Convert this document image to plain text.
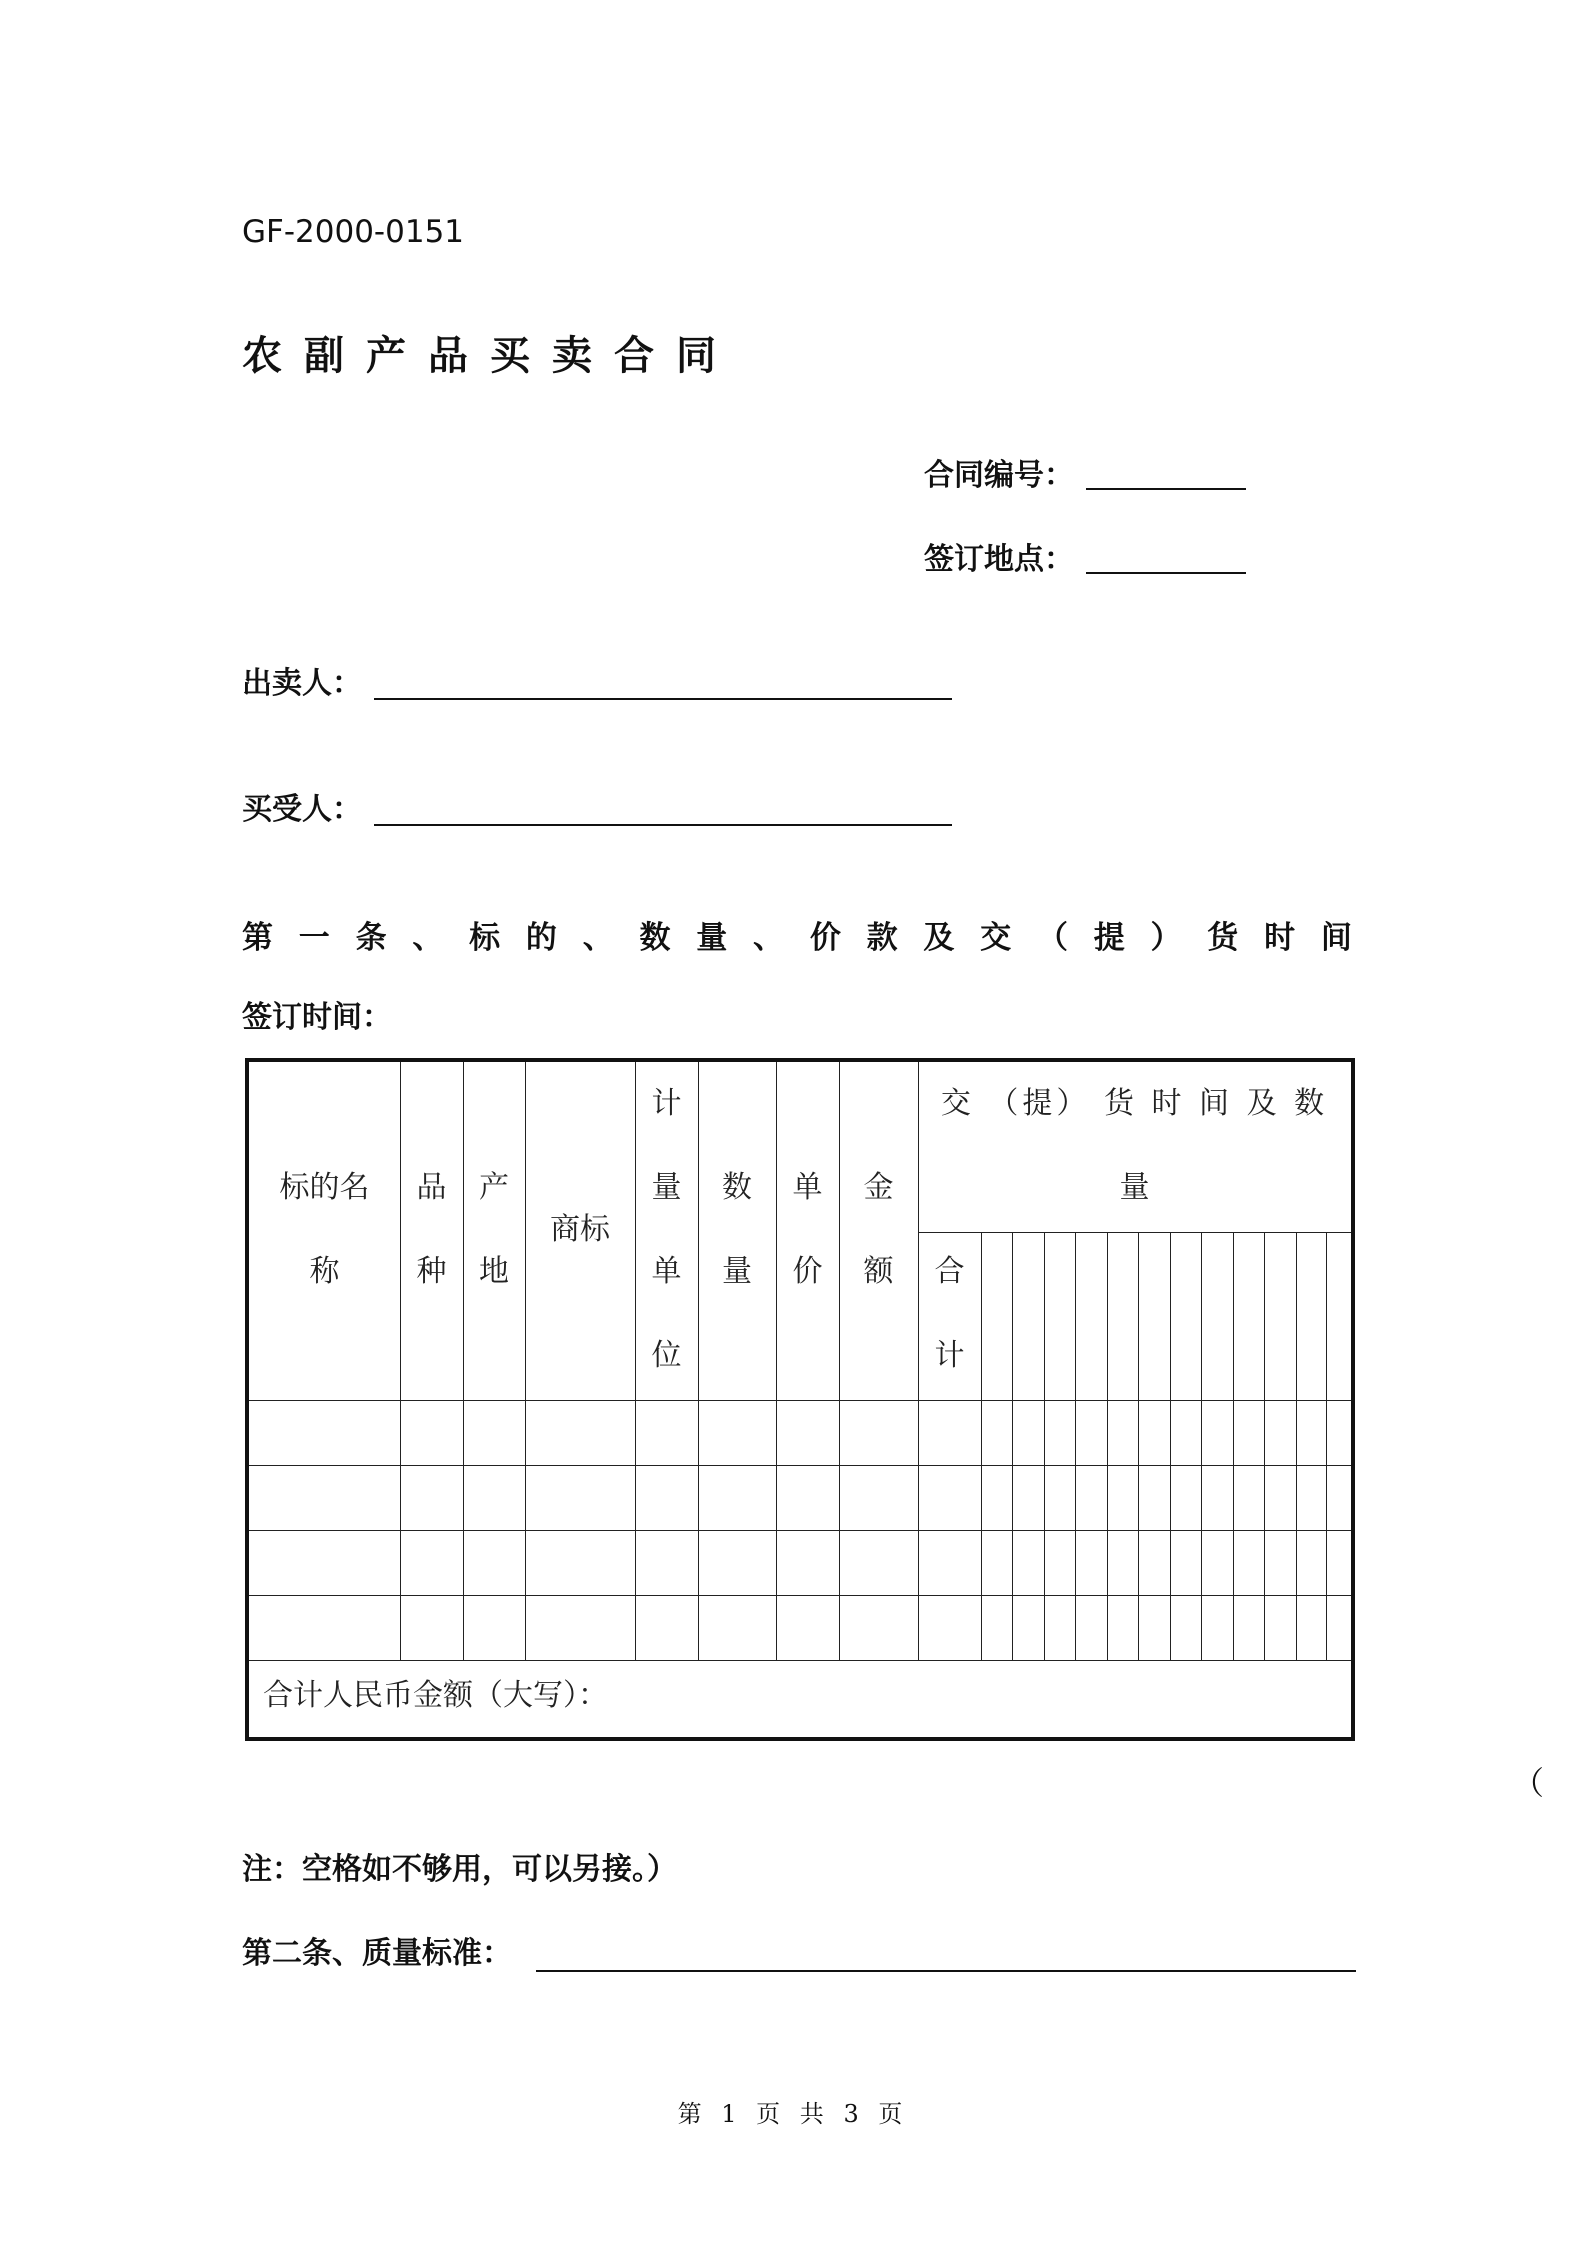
GF-2000-0151
农副产品买卖合同
合同编号：
签订地点：
出卖人：
买受人：
第 一 条 、 标 的 、 数 量 、 价 款 及 交 （ 提 ） 货 时 间
签订时间：
标的名
称
品
种
产
地
商标
计
量
单
位
数
量
单
价
金
额
交 （提） 货 时 间 及 数
量
合
计
合计人民币金额（大写）：
（
注：空格如不够用，可以另接。）
第二条、质量标准：
第 1 页 共 3 页
